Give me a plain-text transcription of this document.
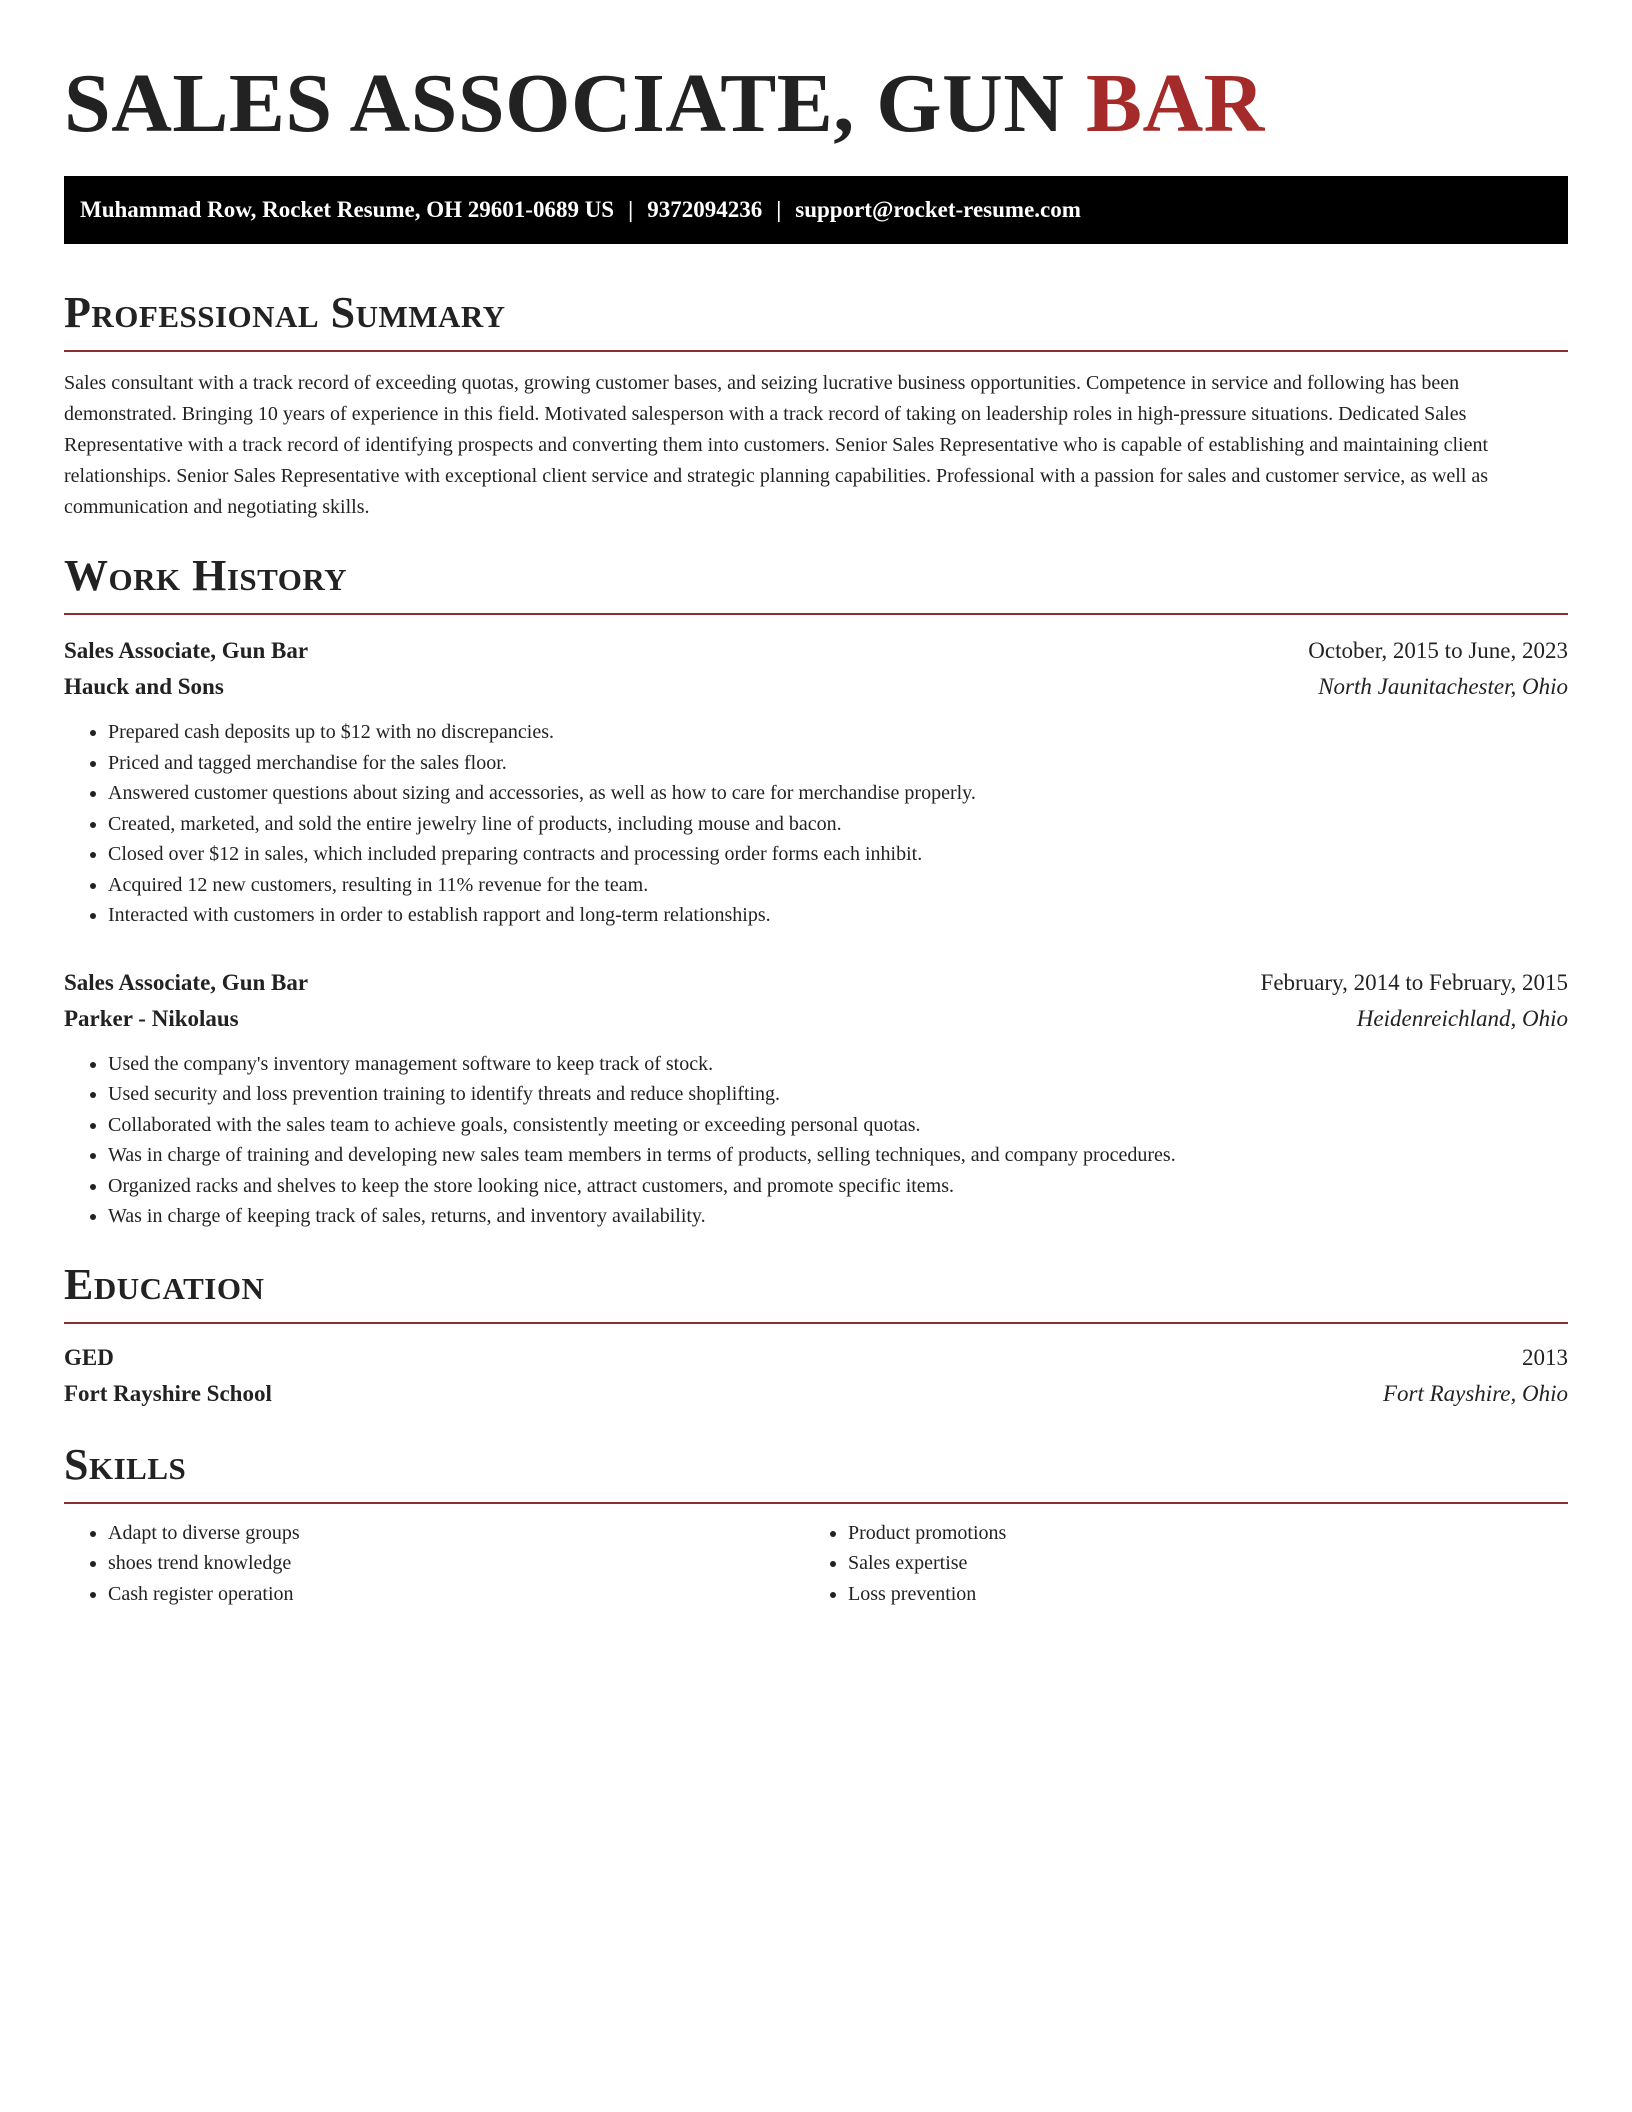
SALES ASSOCIATE, GUN BAR
Muhammad Row, Rocket Resume, OH 29601-0689 US | 9372094236 | support@rocket-resume.com
Professional Summary

Sales consultant with a track record of exceeding quotas, growing customer bases, and seizing lucrative business opportunities. Competence in service and following has been demonstrated. Bringing 10 years of experience in this field. Motivated salesperson with a track record of taking on leadership roles in high-pressure situations. Dedicated Sales Representative with a track record of identifying prospects and converting them into customers. Senior Sales Representative who is capable of establishing and maintaining client relationships. Senior Sales Representative with exceptional client service and strategic planning capabilities. Professional with a passion for sales and customer service, as well as communication and negotiating skills.

Work History
Sales Associate, Gun Bar	October, 2015 to June, 2023
Hauck and Sons	North Jaunitachester, Ohio
• Prepared cash deposits up to $12 with no discrepancies.
• Priced and tagged merchandise for the sales floor.
• Answered customer questions about sizing and accessories, as well as how to care for merchandise properly.
• Created, marketed, and sold the entire jewelry line of products, including mouse and bacon.
• Closed over $12 in sales, which included preparing contracts and processing order forms each inhibit.
• Acquired 12 new customers, resulting in 11% revenue for the team.
• Interacted with customers in order to establish rapport and long-term relationships.
Sales Associate, Gun Bar	February, 2014 to February, 2015
Parker - Nikolaus	Heidenreichland, Ohio
• Used the company's inventory management software to keep track of stock.
• Used security and loss prevention training to identify threats and reduce shoplifting.
• Collaborated with the sales team to achieve goals, consistently meeting or exceeding personal quotas.
• Was in charge of training and developing new sales team members in terms of products, selling techniques, and company procedures.
• Organized racks and shelves to keep the store looking nice, attract customers, and promote specific items.
• Was in charge of keeping track of sales, returns, and inventory availability.
Education
GED	2013
Fort Rayshire School	Fort Rayshire, Ohio
Skills
• Adapt to diverse groups
• shoes trend knowledge
• Cash register operation
• Product promotions
• Sales expertise
• Loss prevention
